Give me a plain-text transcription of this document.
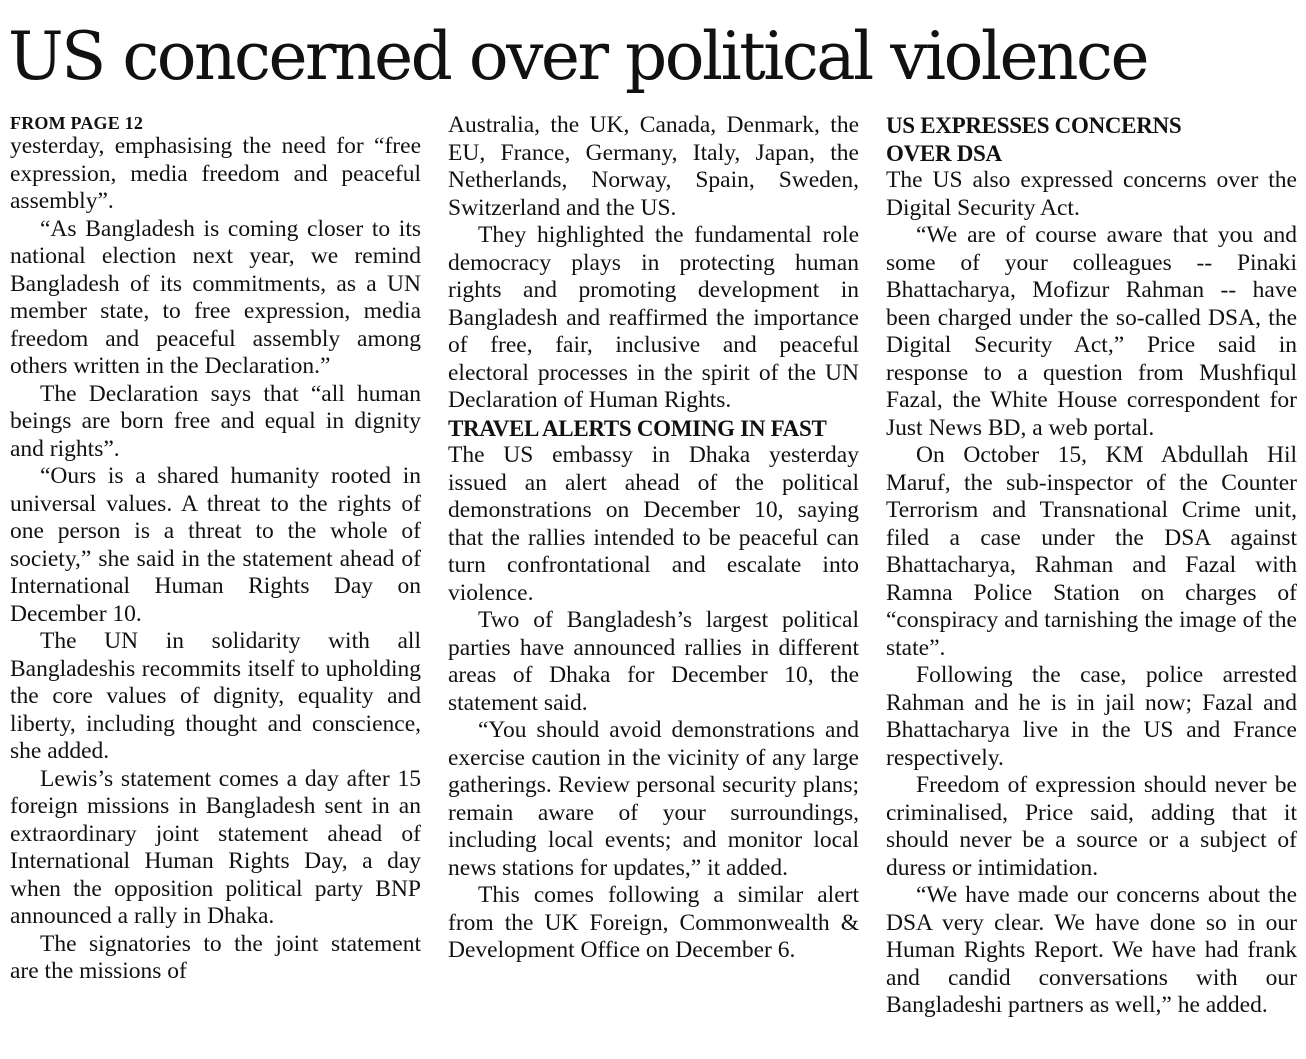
US concerned over political violence

FROM PAGE 12

yesterday, emphasising the need for “free expression, media freedom and peaceful assembly”.

“As Bangladesh is coming closer to its national election next year, we remind Bangladesh of its commitments, as a UN member state, to free expression, media freedom and peaceful assembly among others written in the Declaration.”

The Declaration says that “all human beings are born free and equal in dignity and rights”.

“Ours is a shared humanity rooted in universal values. A threat to the rights of one person is a threat to the whole of society,” she said in the statement ahead of International Human Rights Day on December 10.

The UN in solidarity with all Bangladeshis recommits itself to upholding the core values of dignity, equality and liberty, including thought and conscience, she added.

Lewis’s statement comes a day after 15 foreign missions in Bangladesh sent in an extraordinary joint statement ahead of International Human Rights Day, a day when the opposition political party BNP announced a rally in Dhaka.

The signatories to the joint statement are the missions of

Australia, the UK, Canada, Denmark, the EU, France, Germany, Italy, Japan, the Netherlands, Norway, Spain, Sweden, Switzerland and the US.

They highlighted the fundamental role democracy plays in protecting human rights and promoting development in Bangladesh and reaffirmed the importance of free, fair, inclusive and peaceful electoral processes in the spirit of the UN Declaration of Human Rights.

TRAVEL ALERTS COMING IN FAST

The US embassy in Dhaka yesterday issued an alert ahead of the political demonstrations on December 10, saying that the rallies intended to be peaceful can turn confrontational and escalate into violence.

Two of Bangladesh’s largest political parties have announced rallies in different areas of Dhaka for December 10, the statement said.

“You should avoid demonstrations and exercise caution in the vicinity of any large gatherings. Review personal security plans; remain aware of your surroundings, including local events; and monitor local news stations for updates,” it added.

This comes following a similar alert from the UK Foreign, Commonwealth & Development Office on December 6.

US EXPRESSES CONCERNS
OVER DSA

The US also expressed concerns over the Digital Security Act.

“We are of course aware that you and some of your colleagues -- Pinaki Bhattacharya, Mofizur Rahman -- have been charged under the so-called DSA, the Digital Security Act,” Price said in response to a question from Mushfiqul Fazal, the White House correspondent for Just News BD, a web portal.

On October 15, KM Abdullah Hil Maruf, the sub-inspector of the Counter Terrorism and Transnational Crime unit, filed a case under the DSA against Bhattacharya, Rahman and Fazal with Ramna Police Station on charges of “conspiracy and tarnishing the image of the state”.

Following the case, police arrested Rahman and he is in jail now; Fazal and Bhattacharya live in the US and France respectively.

Freedom of expression should never be criminalised, Price said, adding that it should never be a source or a subject of duress or intimidation.

“We have made our concerns about the DSA very clear. We have done so in our Human Rights Report. We have had frank and candid conversations with our Bangladeshi partners as well,” he added.
